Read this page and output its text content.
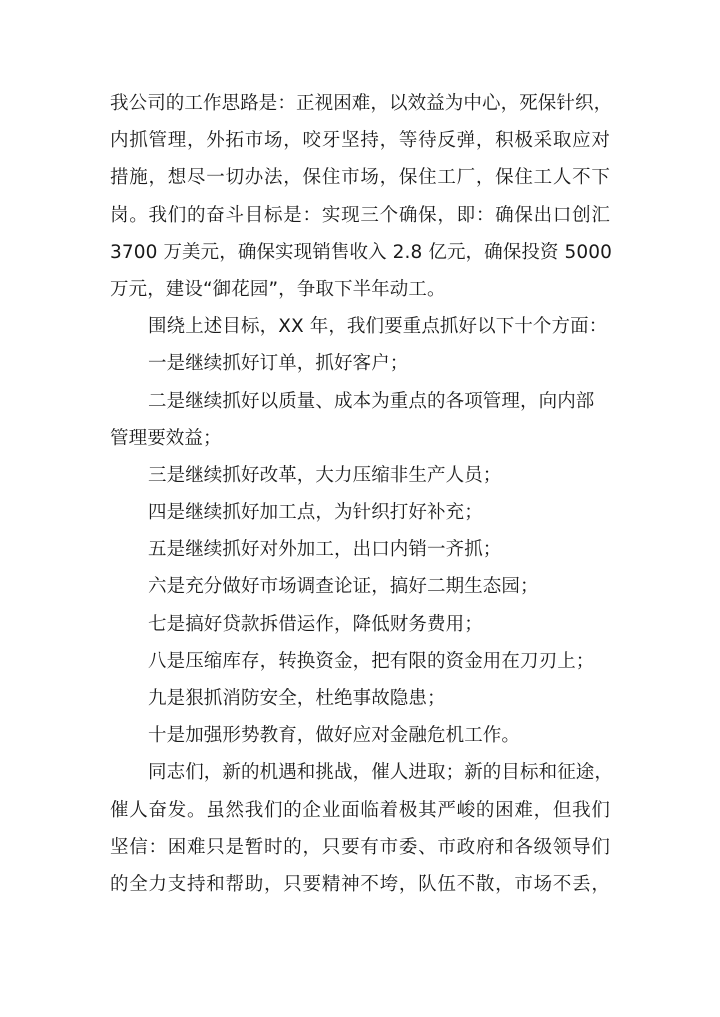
我公司的工作思路是：正视困难，以效益为中心，死保针织，
内抓管理，外拓市场，咬牙坚持，等待反弹，积极采取应对
措施，想尽一切办法，保住市场，保住工厂，保住工人不下
岗。我们的奋斗目标是：实现三个确保，即：确保出口创汇
3700 万美元，确保实现销售收入 2.8 亿元，确保投资 5000
万元，建设“御花园”，争取下半年动工。
围绕上述目标，XX 年，我们要重点抓好以下十个方面：
一是继续抓好订单，抓好客户；
二是继续抓好以质量、成本为重点的各项管理，向内部
管理要效益；
三是继续抓好改革，大力压缩非生产人员；
四是继续抓好加工点，为针织打好补充；
五是继续抓好对外加工，出口内销一齐抓；
六是充分做好市场调查论证，搞好二期生态园；
七是搞好贷款拆借运作，降低财务费用；
八是压缩库存，转换资金，把有限的资金用在刀刃上；
九是狠抓消防安全，杜绝事故隐患；
十是加强形势教育，做好应对金融危机工作。
同志们，新的机遇和挑战，催人进取；新的目标和征途，
催人奋发。虽然我们的企业面临着极其严峻的困难，但我们
坚信：困难只是暂时的，只要有市委、市政府和各级领导们
的全力支持和帮助，只要精神不垮，队伍不散，市场不丢，
